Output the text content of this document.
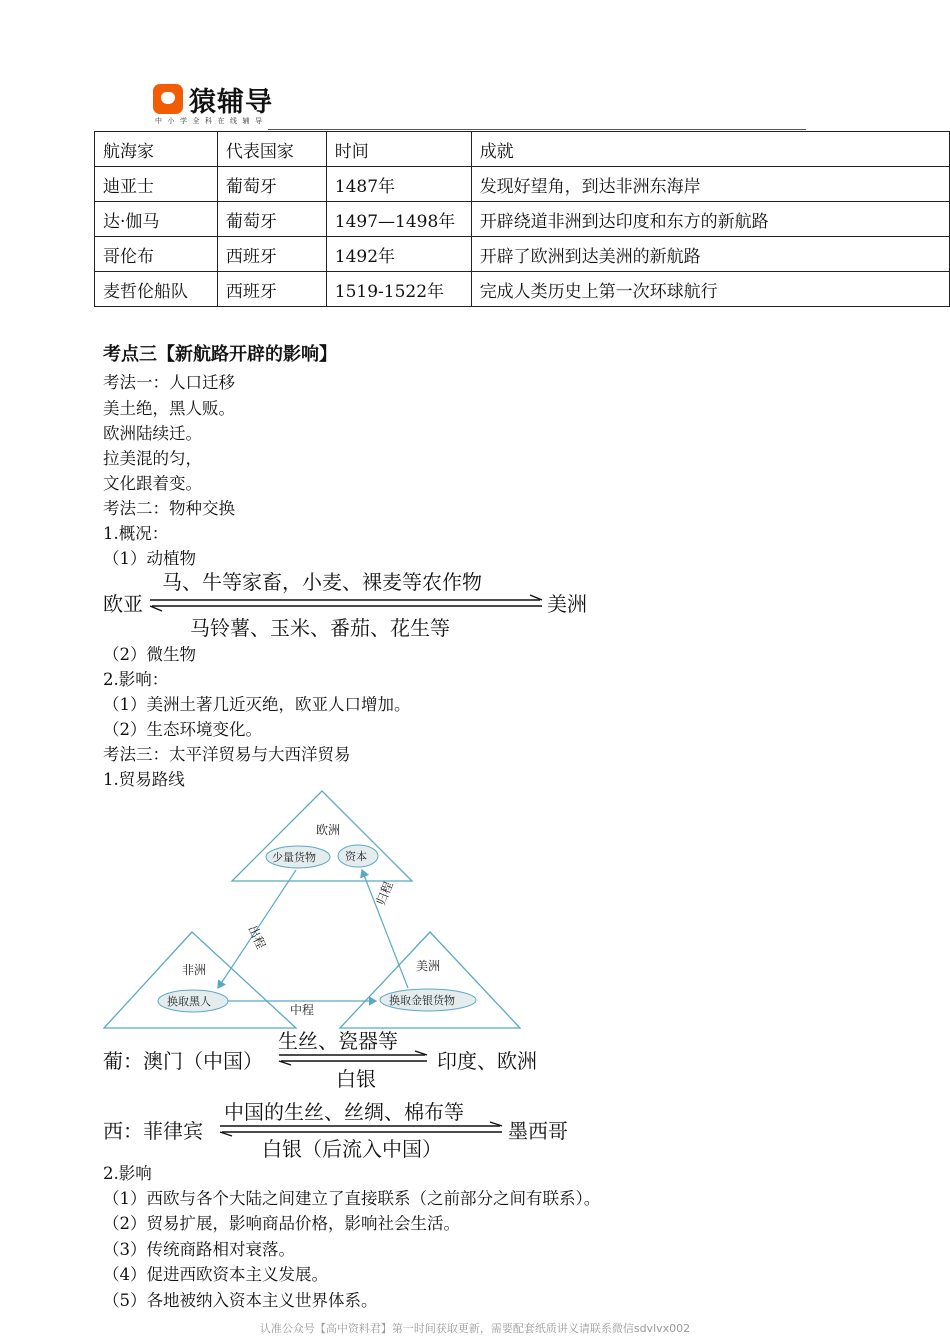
猿辅导
中小学全科在线辅导
航海家	代表国家	时间	成就
迪亚士	葡萄牙	1487年	发现好望角，到达非洲东海岸
达·伽马	葡萄牙	1497—1498年	开辟绕道非洲到达印度和东方的新航路
哥伦布	西班牙	1492年	开辟了欧洲到达美洲的新航路
麦哲伦船队	西班牙	1519-1522年	完成人类历史上第一次环球航行
考点三【新航路开辟的影响】
考法一：人口迁移
美土绝，黑人贩。
欧洲陆续迁。
拉美混的匀，
文化跟着变。
考法二：物种交换
1.概况：
（1）动植物
欧亚
马、牛等家畜，小麦、裸麦等农作物
马铃薯、玉米、番茄、花生等
美洲
（2）微生物
2.影响：
（1）美洲土著几近灭绝，欧亚人口增加。
（2）生态环境变化。
考法三：太平洋贸易与大西洋贸易
1.贸易路线
欧洲
少量货物	资本
非洲
换取黑人
美洲
换取金银货物
出程
中程
归程
葡：澳门（中国）
生丝、瓷器等
白银
印度、欧洲
西：菲律宾
中国的生丝、丝绸、棉布等
白银（后流入中国）
墨西哥
2.影响
（1）西欧与各个大陆之间建立了直接联系（之前部分之间有联系）。
（2）贸易扩展，影响商品价格，影响社会生活。
（3）传统商路相对衰落。
（4）促进西欧资本主义发展。
（5）各地被纳入资本主义世界体系。
认准公众号【高中资料君】第一时间获取更新，需要配套纸质讲义请联系微信sdvlvx002
